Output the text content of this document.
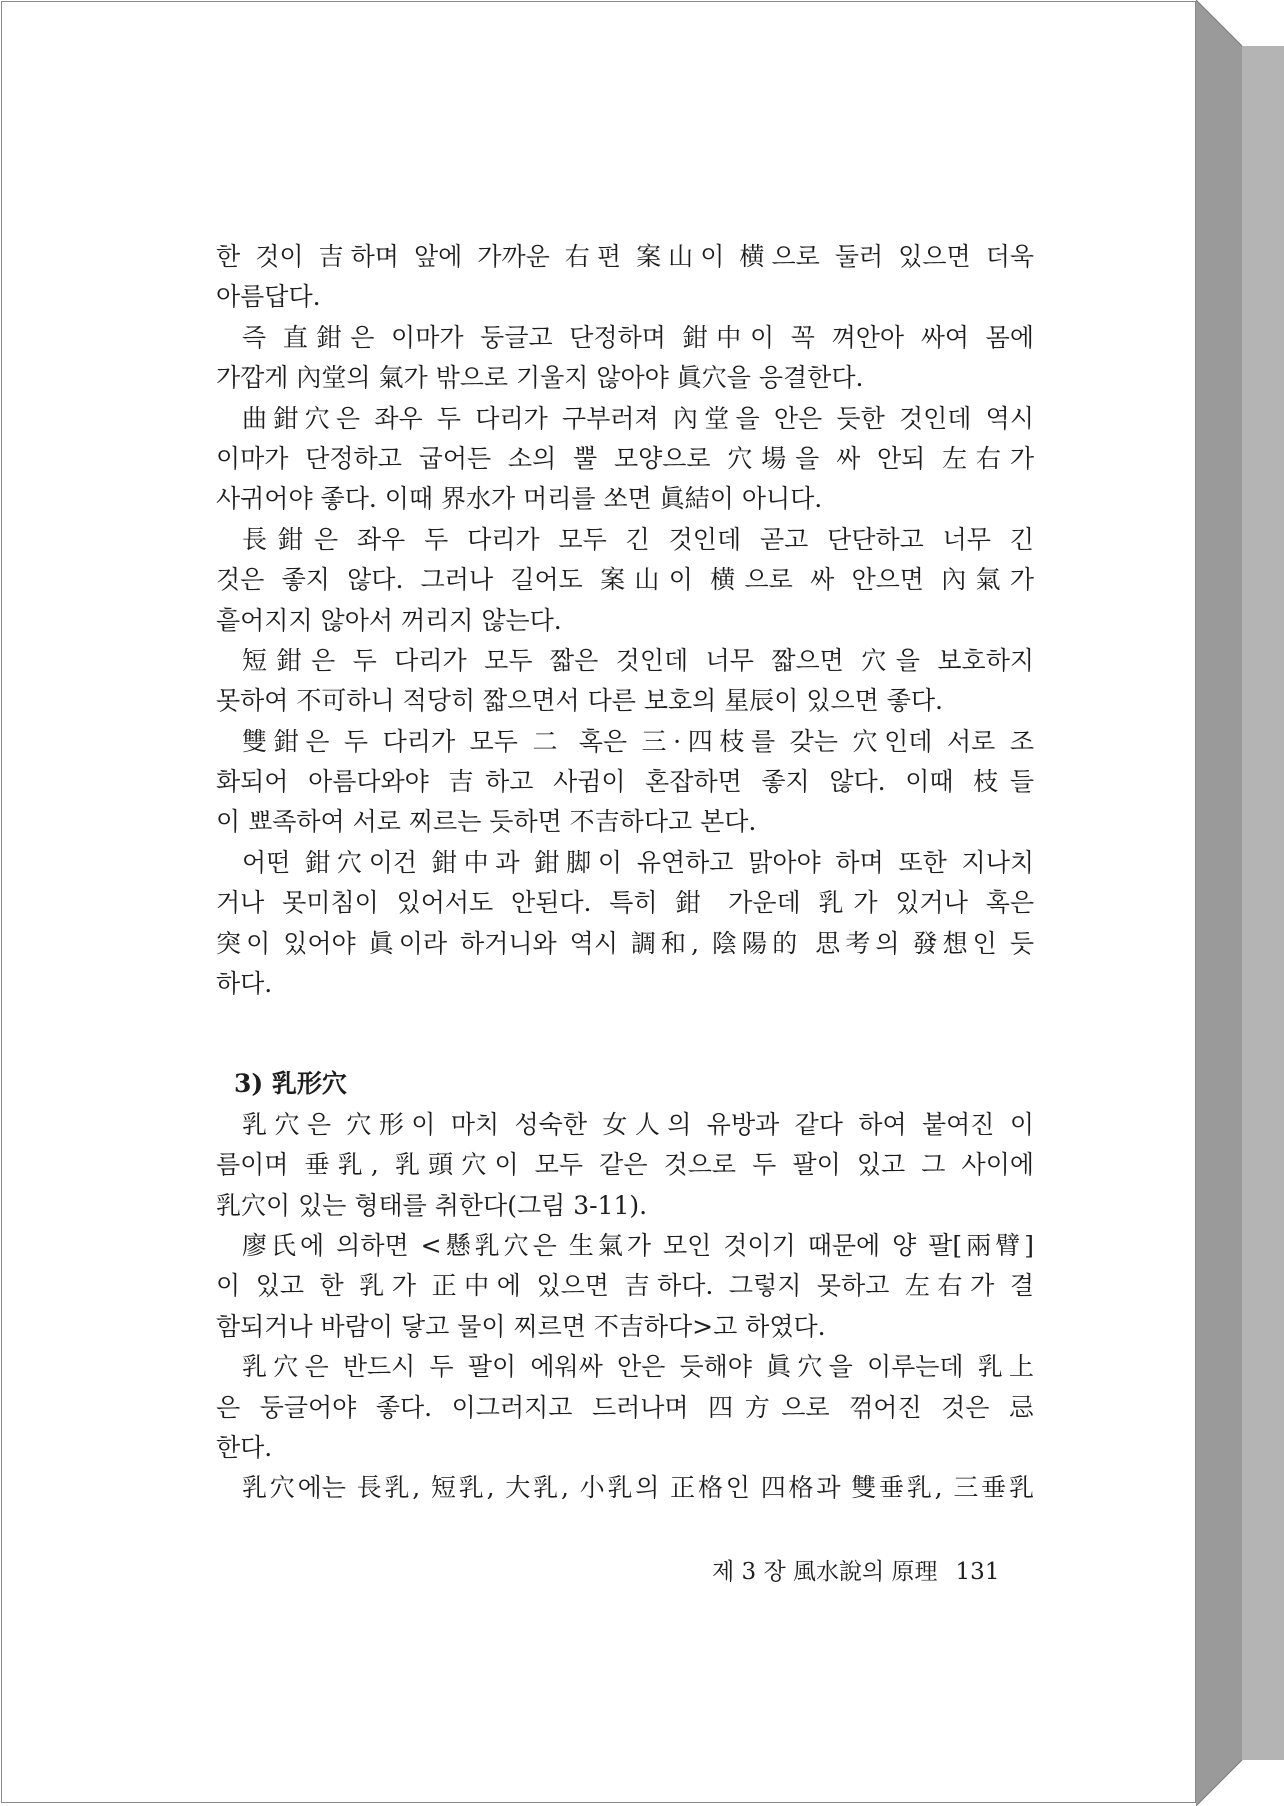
한 것이 吉하며 앞에 가까운 右편 案山이 横으로 둘러 있으면 더욱
아름답다.
즉 直鉗은 이마가 둥글고 단정하며 鉗中이 꼭 껴안아 싸여 몸에
가깝게 內堂의 氣가 밖으로 기울지 않아야 眞穴을 응결한다.
曲鉗穴은 좌우 두 다리가 구부러져 內堂을 안은 듯한 것인데 역시
이마가 단정하고 굽어든 소의 뿔 모양으로 穴場을 싸 안되 左右가
사귀어야 좋다. 이때 界水가 머리를 쏘면 眞結이 아니다.
長鉗은 좌우 두 다리가 모두 긴 것인데 곧고 단단하고 너무 긴
것은 좋지 않다. 그러나 길어도 案山이 横으로 싸 안으면 內氣가
흩어지지 않아서 꺼리지 않는다.
短鉗은 두 다리가 모두 짧은 것인데 너무 짧으면 穴을 보호하지
못하여 不可하니 적당히 짧으면서 다른 보호의 星辰이 있으면 좋다.
雙鉗은 두 다리가 모두 二 혹은 三·四枝를 갖는 穴인데 서로 조
화되어 아름다와야 吉하고 사귐이 혼잡하면 좋지 않다. 이때 枝들
이 뾰족하여 서로 찌르는 듯하면 不吉하다고 본다.
어떤 鉗穴이건 鉗中과 鉗脚이 유연하고 맑아야 하며 또한 지나치
거나 못미침이 있어서도 안된다. 특히 鉗 가운데 乳가 있거나 혹은
突이 있어야 眞이라 하거니와 역시 調和, 陰陽的 思考의 發想인 듯
하다.
3) 乳形穴
乳穴은 穴形이 마치 성숙한 女人의 유방과 같다 하여 붙여진 이
름이며 垂乳, 乳頭穴이 모두 같은 것으로 두 팔이 있고 그 사이에
乳穴이 있는 형태를 취한다(그림 3-11).
廖氏에 의하면 <懸乳穴은 生氣가 모인 것이기 때문에 양 팔[兩臂]
이 있고 한 乳가 正中에 있으면 吉하다. 그렇지 못하고 左右가 결
함되거나 바람이 닿고 물이 찌르면 不吉하다>고 하였다.
乳穴은 반드시 두 팔이 에워싸 안은 듯해야 眞穴을 이루는데 乳上
은 둥글어야 좋다. 이그러지고 드러나며 四方으로 꺾어진 것은 忌
한다.
乳穴에는 長乳, 短乳, 大乳, 小乳의 正格인 四格과 雙垂乳, 三垂乳
제 3 장 風水說의 原理 131
